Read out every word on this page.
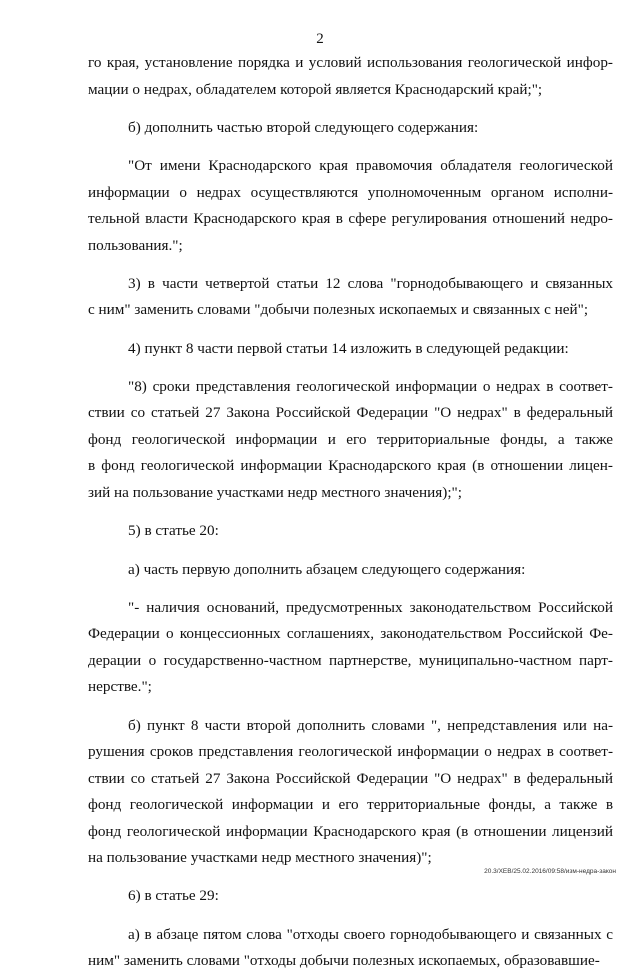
2
го края, установление порядка и условий использования геологической инфор-
мации о недрах, обладателем которой является Краснодарский край;";
б) дополнить частью второй следующего содержания:
"От имени Краснодарского края правомочия обладателя геологической
информации о недрах осуществляются уполномоченным органом исполни-
тельной власти Краснодарского края в сфере регулирования отношений недро-
пользования.";
3) в части четвертой статьи 12 слова "горнодобывающего и связанных
с ним" заменить словами "добычи полезных ископаемых и связанных с ней";
4) пункт 8 части первой статьи 14 изложить в следующей редакции:
"8) сроки представления геологической информации о недрах в соответ-
ствии со статьей 27 Закона Российской Федерации "О недрах" в федеральный
фонд геологической информации и его территориальные фонды, а также
в фонд геологической информации Краснодарского края (в отношении лицен-
зий на пользование участками недр местного значения);";
5) в статье 20:
а) часть первую дополнить абзацем следующего содержания:
"- наличия оснований, предусмотренных законодательством Российской
Федерации о концессионных соглашениях, законодательством Российской Фе-
дерации о государственно-частном партнерстве, муниципально-частном парт-
нерстве.";
б) пункт 8 части второй дополнить словами ", непредставления или на-
рушения сроков представления геологической информации о недрах в соответ-
ствии со статьей 27 Закона Российской Федерации "О недрах" в федеральный
фонд геологической информации и его территориальные фонды, а также в
фонд геологической информации Краснодарского края (в отношении лицензий
на пользование участками недр местного значения)";
6) в статье 29:
а) в абзаце пятом слова "отходы своего горнодобывающего и связанных с
ним" заменить словами "отходы добычи полезных ископаемых, образовавшие-
20.3/ХЕВ/25.02.2016/09:58/изм-недра-закон
